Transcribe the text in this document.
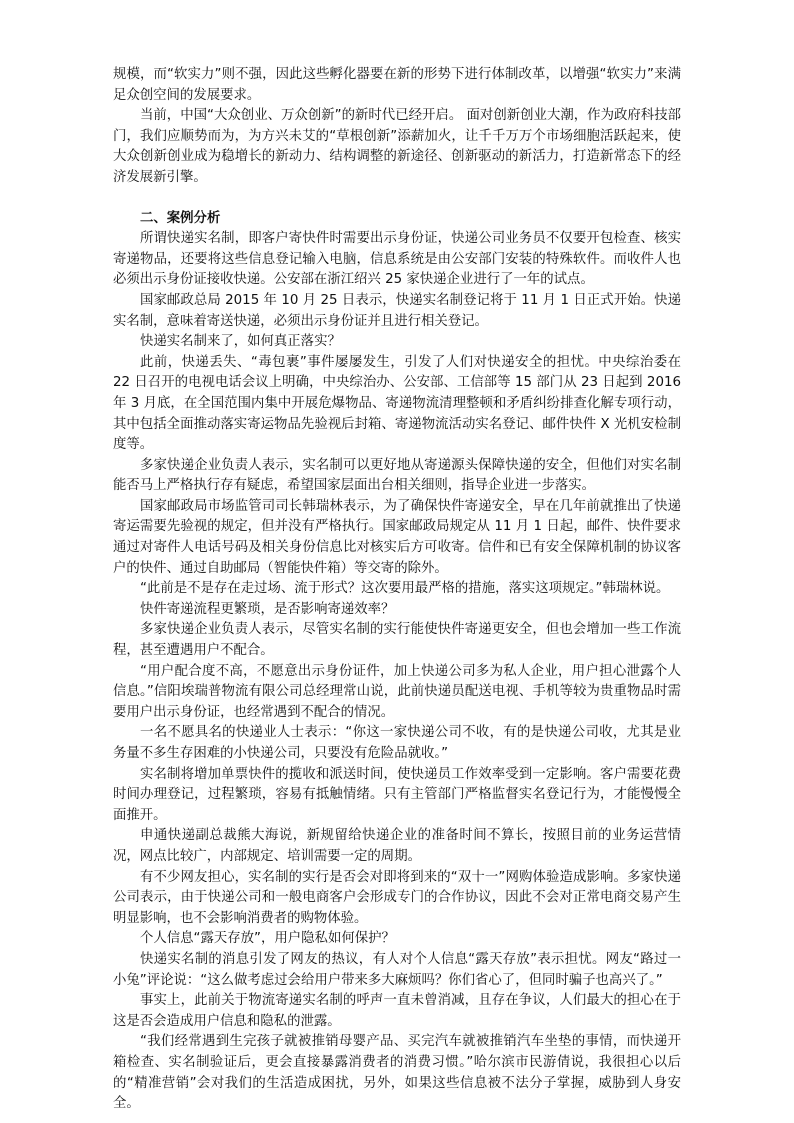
规模，而“软实力”则不强，因此这些孵化器要在新的形势下进行体制改革，以增强“软实力”来满足众创空间的发展要求。

当前，中国“大众创业、万众创新”的新时代已经开启。 面对创新创业大潮，作为政府科技部门，我们应顺势而为，为方兴未艾的“草根创新”添薪加火，让千千万万个市场细胞活跃起来，使大众创新创业成为稳增长的新动力、结构调整的新途径、创新驱动的新活力，打造新常态下的经济发展新引擎。

二、案例分析

所谓快递实名制，即客户寄快件时需要出示身份证，快递公司业务员不仅要开包检查、核实寄递物品，还要将这些信息登记输入电脑，信息系统是由公安部门安装的特殊软件。而收件人也必须出示身份证接收快递。公安部在浙江绍兴 25 家快递企业进行了一年的试点。

国家邮政总局 2015 年 10 月 25 日表示，快递实名制登记将于 11 月 1 日正式开始。快递实名制，意味着寄送快递，必须出示身份证并且进行相关登记。

快递实名制来了，如何真正落实？

此前，快递丢失、“毒包裹”事件屡屡发生，引发了人们对快递安全的担忧。中央综治委在 22 日召开的电视电话会议上明确，中央综治办、公安部、工信部等 15 部门从 23 日起到 2016 年 3 月底，在全国范围内集中开展危爆物品、寄递物流清理整顿和矛盾纠纷排查化解专项行动，其中包括全面推动落实寄运物品先验视后封箱、寄递物流活动实名登记、邮件快件 X 光机安检制度等。

多家快递企业负责人表示，实名制可以更好地从寄递源头保障快递的安全，但他们对实名制能否马上严格执行存有疑虑，希望国家层面出台相关细则，指导企业进一步落实。

国家邮政局市场监管司司长韩瑞林表示，为了确保快件寄递安全，早在几年前就推出了快递寄运需要先验视的规定，但并没有严格执行。国家邮政局规定从 11 月 1 日起，邮件、快件要求通过对寄件人电话号码及相关身份信息比对核实后方可收寄。信件和已有安全保障机制的协议客户的快件、通过自助邮局（智能快件箱）等交寄的除外。

“此前是不是存在走过场、流于形式？这次要用最严格的措施，落实这项规定。”韩瑞林说。

快件寄递流程更繁琐，是否影响寄递效率？

多家快递企业负责人表示，尽管实名制的实行能使快件寄递更安全，但也会增加一些工作流程，甚至遭遇用户不配合。

“用户配合度不高，不愿意出示身份证件，加上快递公司多为私人企业，用户担心泄露个人信息。”信阳埃瑞普物流有限公司总经理常山说，此前快递员配送电视、手机等较为贵重物品时需要用户出示身份证，也经常遇到不配合的情况。

一名不愿具名的快递业人士表示：“你这一家快递公司不收，有的是快递公司收，尤其是业务量不多生存困难的小快递公司，只要没有危险品就收。”

实名制将增加单票快件的揽收和派送时间，使快递员工作效率受到一定影响。客户需要花费时间办理登记，过程繁琐，容易有抵触情绪。只有主管部门严格监督实名登记行为，才能慢慢全面推开。

申通快递副总裁熊大海说，新规留给快递企业的准备时间不算长，按照目前的业务运营情况，网点比较广，内部规定、培训需要一定的周期。

有不少网友担心，实名制的实行是否会对即将到来的“双十一”网购体验造成影响。多家快递公司表示，由于快递公司和一般电商客户会形成专门的合作协议，因此不会对正常电商交易产生明显影响，也不会影响消费者的购物体验。

个人信息“露天存放”，用户隐私如何保护？

快递实名制的消息引发了网友的热议，有人对个人信息“露天存放”表示担忧。网友“路过一小兔”评论说：“这么做考虑过会给用户带来多大麻烦吗？你们省心了，但同时骗子也高兴了。”

事实上，此前关于物流寄递实名制的呼声一直未曾消减，且存在争议，人们最大的担心在于这是否会造成用户信息和隐私的泄露。

“我们经常遇到生完孩子就被推销母婴产品、买完汽车就被推销汽车坐垫的事情，而快递开箱检查、实名制验证后，更会直接暴露消费者的消费习惯。”哈尔滨市民游倩说，我很担心以后的“精准营销”会对我们的生活造成困扰，另外，如果这些信息被不法分子掌握，威胁到人身安全。
